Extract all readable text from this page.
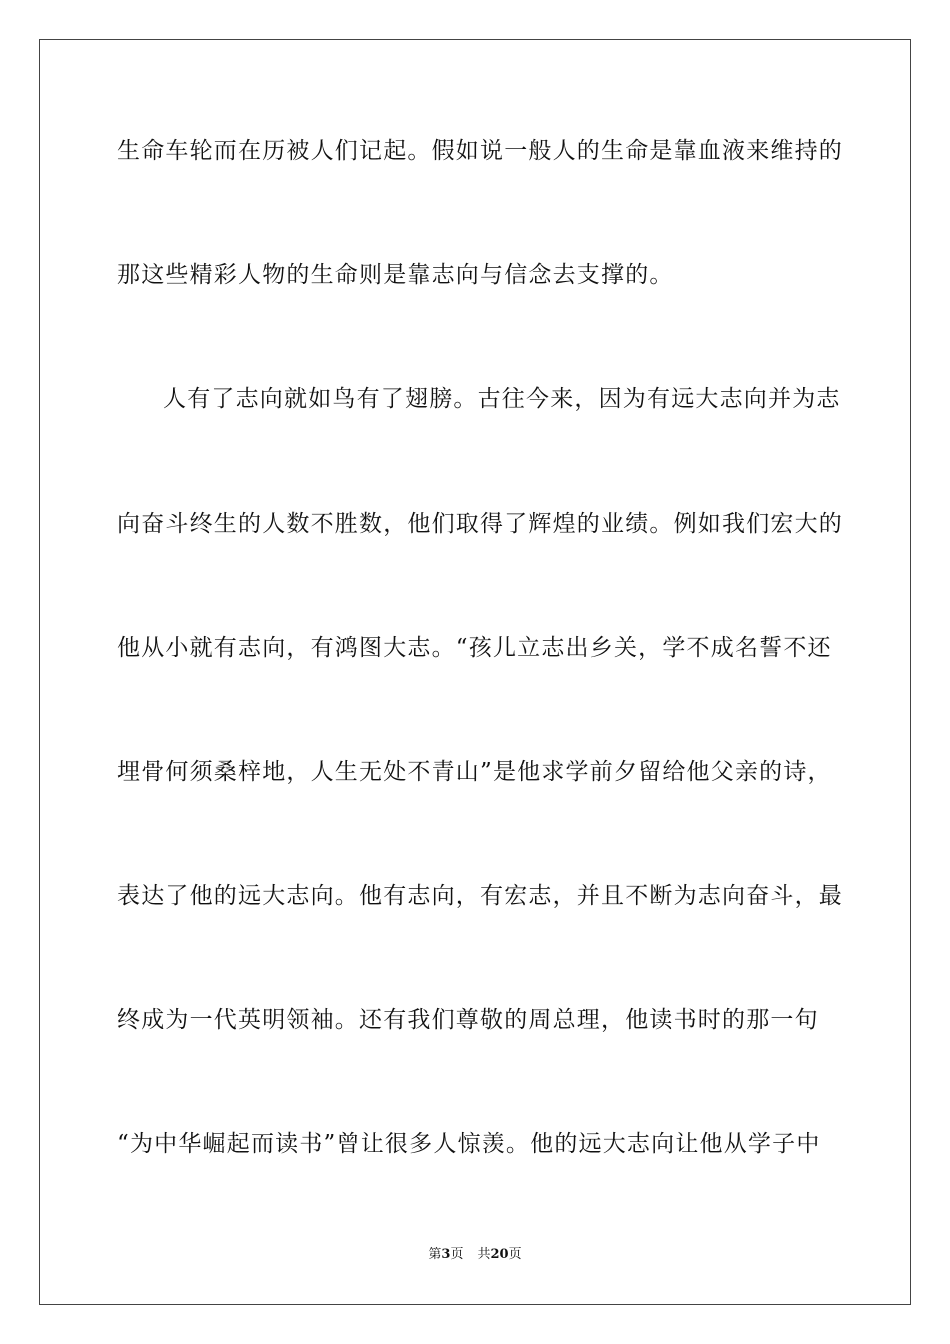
生命车轮而在历被人们记起。假如说一般人的生命是靠血液来维持的
那这些精彩人物的生命则是靠志向与信念去支撑的。
人有了志向就如鸟有了翅膀。古往今来，因为有远大志向并为志
向奋斗终生的人数不胜数，他们取得了辉煌的业绩。例如我们宏大的
他从小就有志向，有鸿图大志。“孩儿立志出乡关，学不成名誓不还
埋骨何须桑梓地，人生无处不青山”是他求学前夕留给他父亲的诗，
表达了他的远大志向。他有志向，有宏志，并且不断为志向奋斗，最
终成为一代英明领袖。还有我们尊敬的周总理，他读书时的那一句
“为中华崛起而读书”曾让很多人惊羡。他的远大志向让他从学子中
第3页 共20页
